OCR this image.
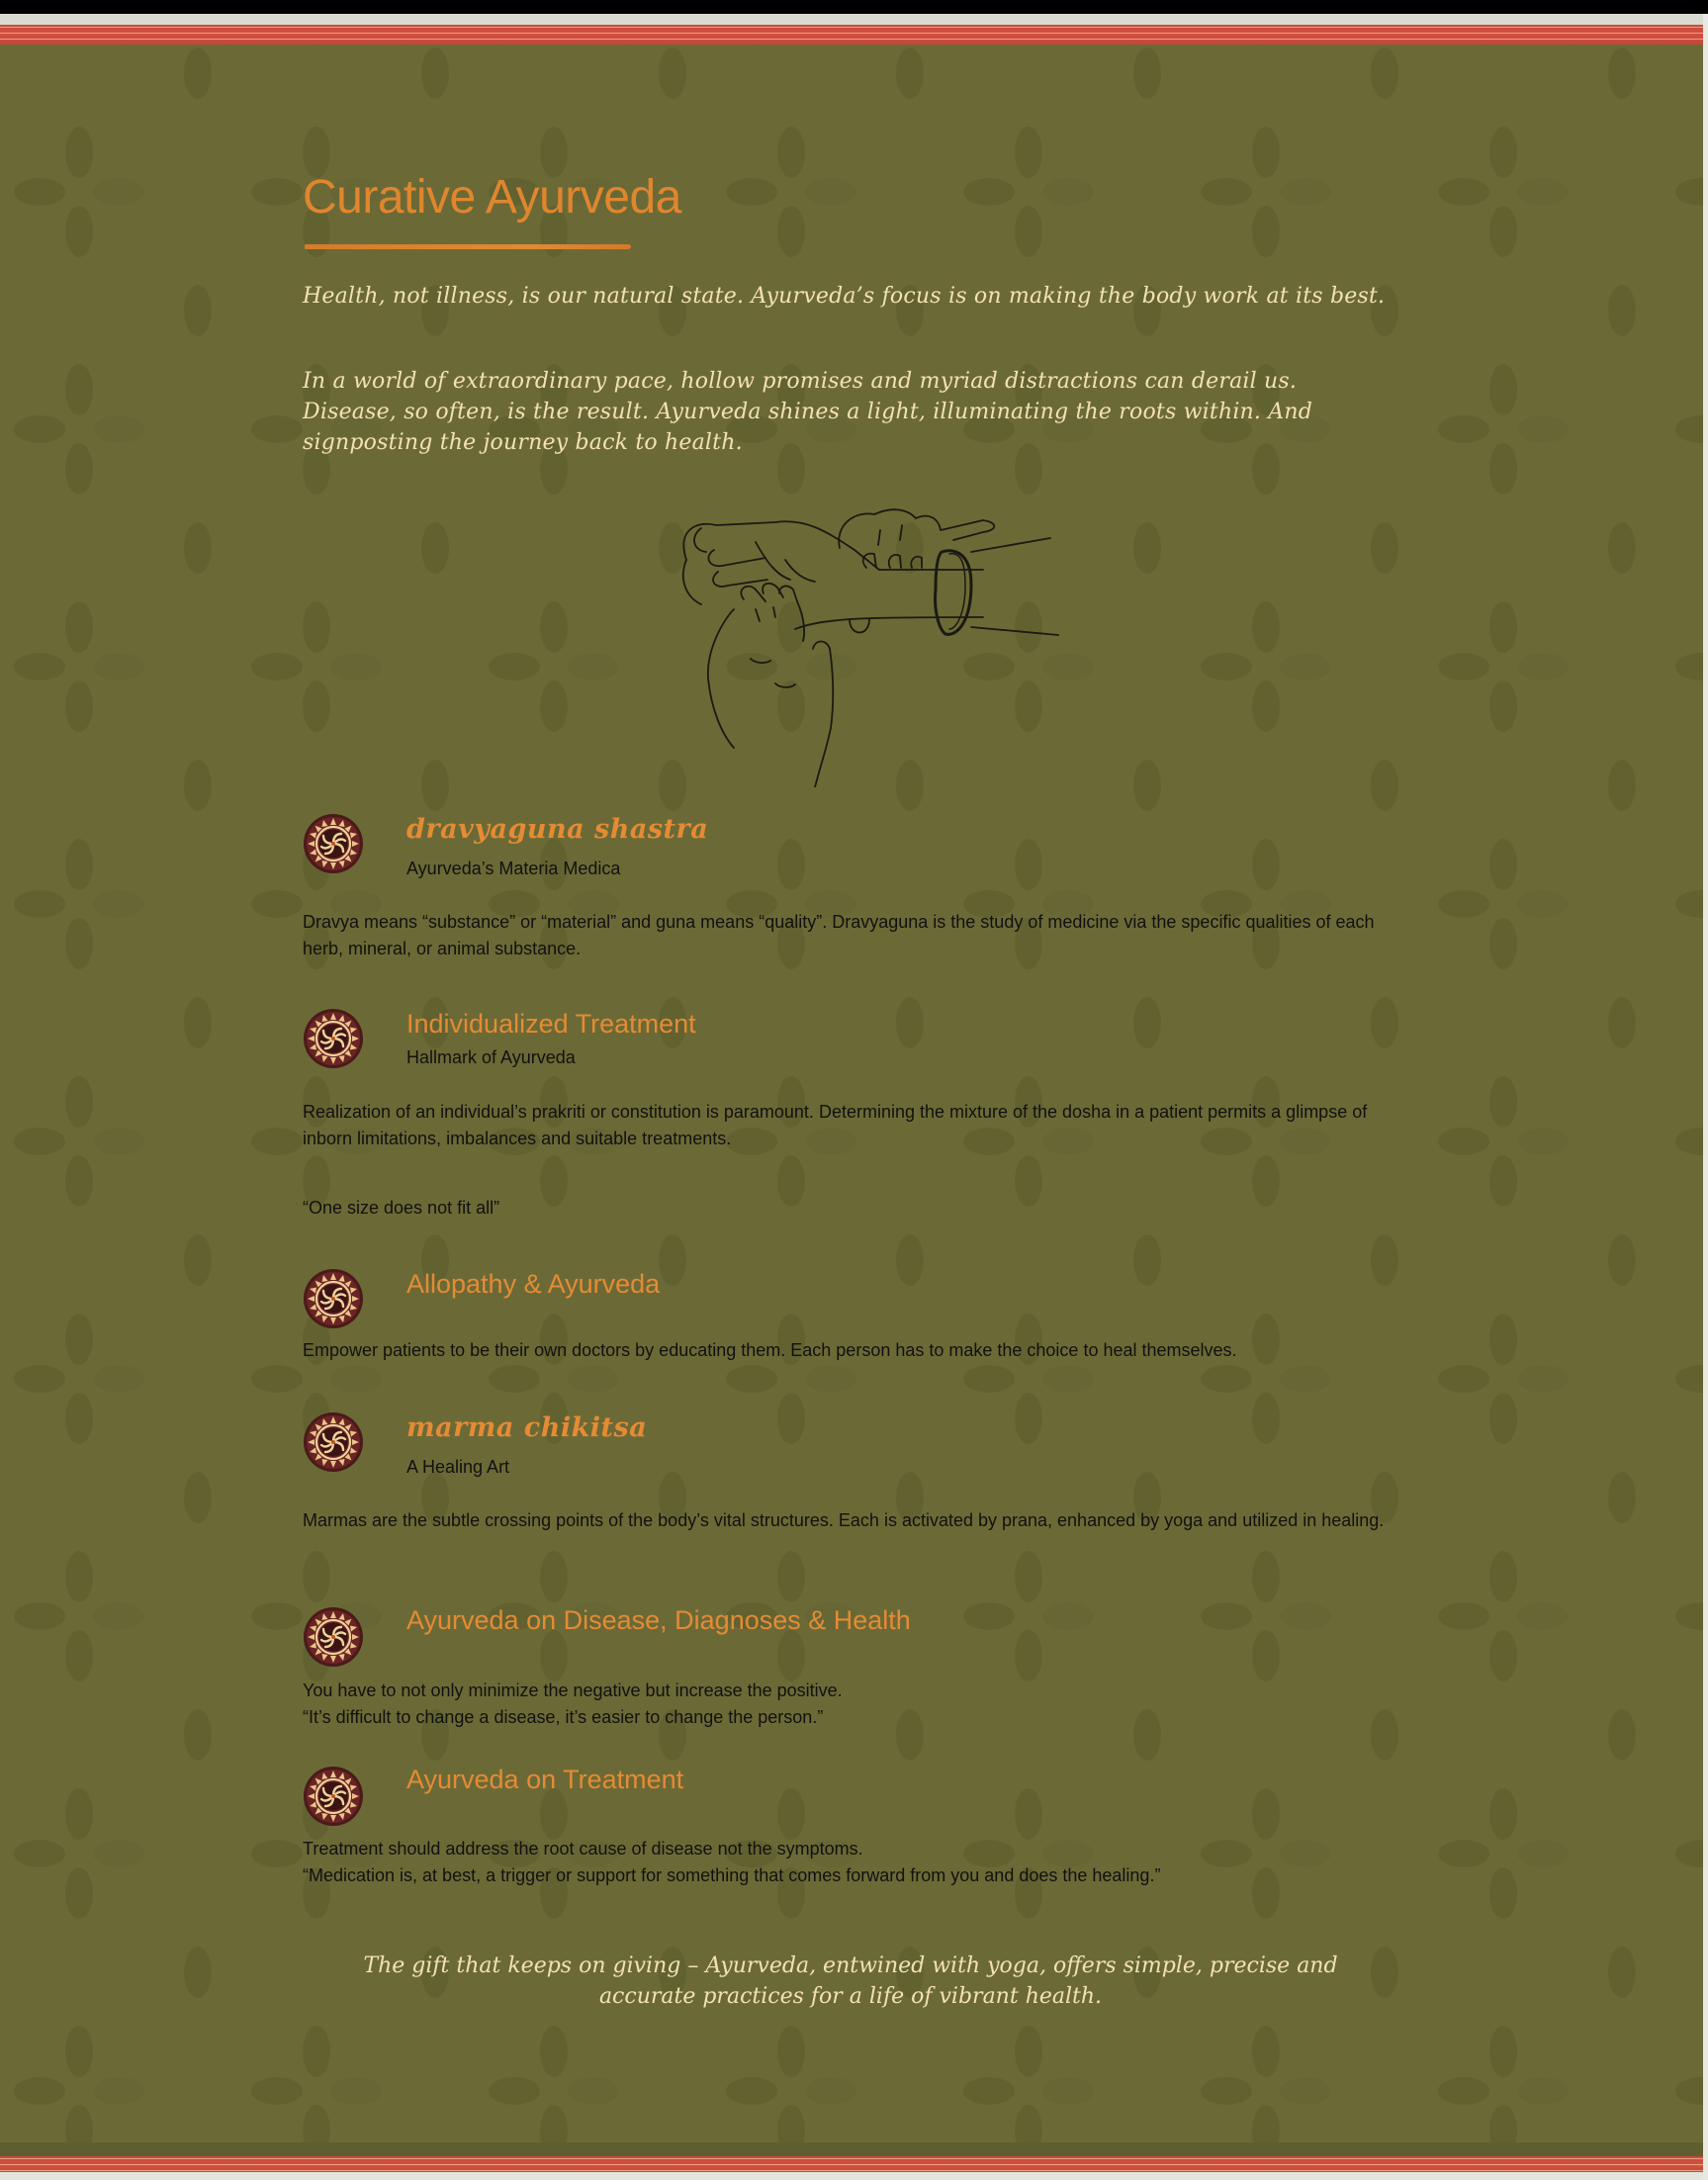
Curative Ayurveda

Health, not illness, is our natural state. Ayurveda’s focus is on making the body work at its best.

In a world of extraordinary pace, hollow promises and myriad distractions can derail us. Disease, so often, is the result. Ayurveda shines a light, illuminating the roots within. And signposting the journey back to health.

dravyaguna shastra
Ayurveda’s Materia Medica

Dravya means “substance” or “material” and guna means “quality”. Dravyaguna is the study of medicine via the specific qualities of each herb, mineral, or animal substance.

Individualized Treatment
Hallmark of Ayurveda

Realization of an individual’s prakriti or constitution is paramount. Determining the mixture of the dosha in a patient permits a glimpse of inborn limitations, imbalances and suitable treatments.

“One size does not fit all”

Allopathy & Ayurveda

Empower patients to be their own doctors by educating them. Each person has to make the choice to heal themselves.

marma chikitsa
A Healing Art

Marmas are the subtle crossing points of the body’s vital structures. Each is activated by prana, enhanced by yoga and utilized in healing.

Ayurveda on Disease, Diagnoses & Health

You have to not only minimize the negative but increase the positive.

“It’s difficult to change a disease, it’s easier to change the person.”

Ayurveda on Treatment

Treatment should address the root cause of disease not the symptoms.

“Medication is, at best, a trigger or support for something that comes forward from you and does the healing.”

The gift that keeps on giving – Ayurveda, entwined with yoga, offers simple, precise and accurate practices for a life of vibrant health.
